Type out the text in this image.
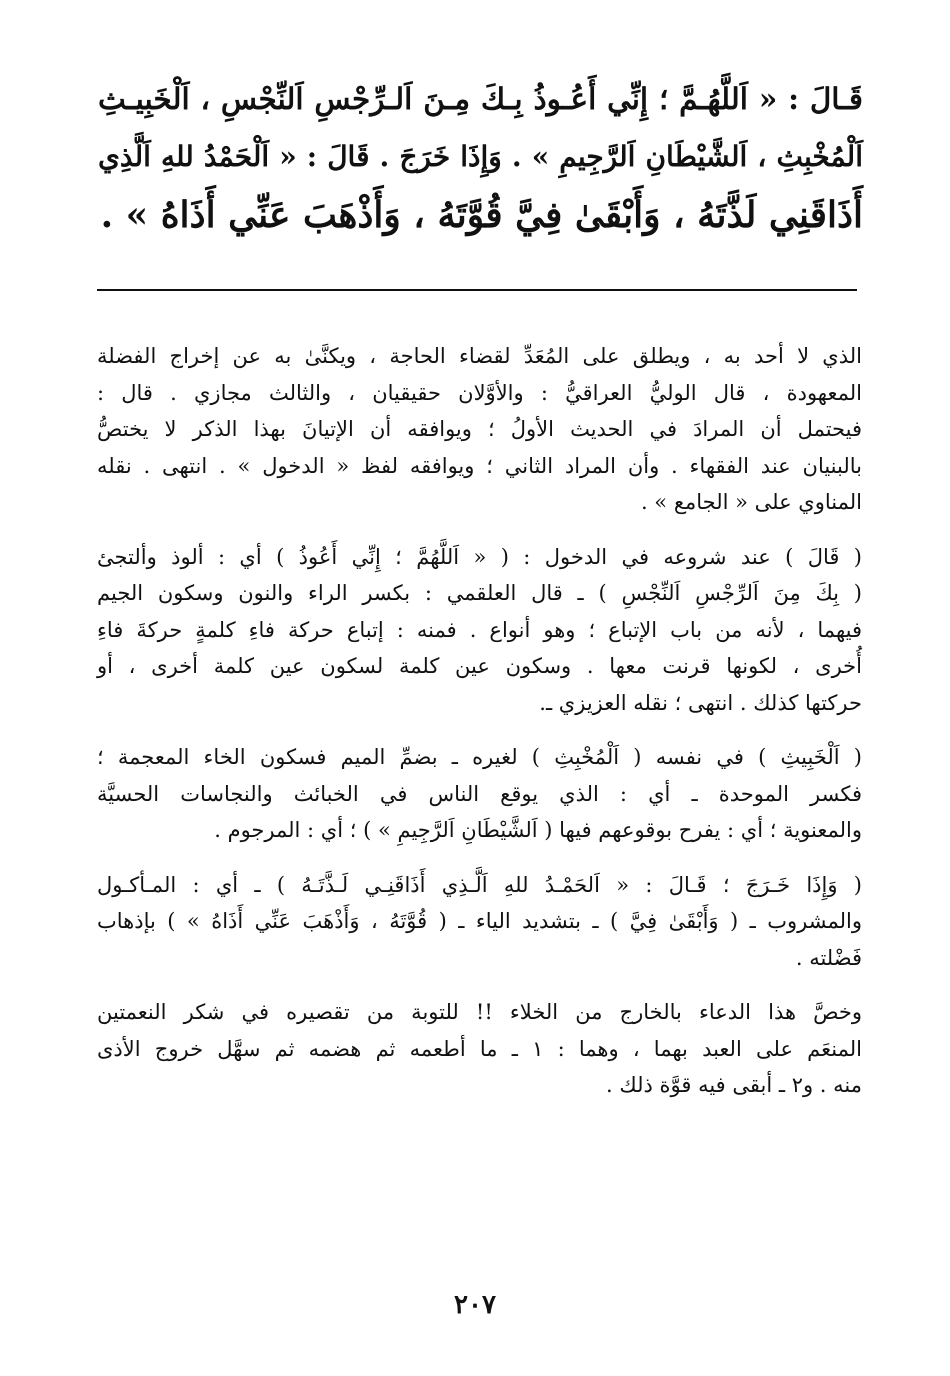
قَـالَ : « اَللَّهُـمَّ ؛ إِنِّي أَعُـوذُ بِـكَ مِـنَ اَلـرِّجْسِ اَلنِّجْسِ ، اَلْخَبِيـثِ
اَلْمُخْبِثِ ، اَلشَّيْطَانِ اَلرَّجِيمِ » . وَإِذَا خَرَجَ . قَالَ : « اَلْحَمْدُ للهِ اَلَّذِي
أَذَاقَنِي لَذَّتَهُ ، وَأَبْقَىٰ فِيَّ قُوَّتَهُ ، وَأَذْهَبَ عَنِّي أَذَاهُ » .
الذي لا أحد به ، ويطلق على المُعَدِّ لقضاء الحاجة ، ويكنَّىٰ به عن إخراج الفضلة
المعهودة ، قال الوليُّ العراقيُّ : والأوَّلان حقيقيان ، والثالث مجازي . قال :
فيحتمل أن المرادَ في الحديث الأولُ ؛ ويوافقه أن الإتيانَ بهذا الذكر لا يختصُّ
بالبنيان عند الفقهاء . وأن المراد الثاني ؛ ويوافقه لفظ « الدخول » . انتهى . نقله
المناوي على « الجامع » .
( قَالَ ) عند شروعه في الدخول : ( « اَللَّهُمَّ ؛ إِنِّي أَعُوذُ ) أي : ألوذ وألتجئ
( بِكَ مِنَ اَلرِّجْسِ اَلنِّجْسِ ) ـ قال العلقمي : بكسر الراء والنون وسكون الجيم
فيهما ، لأنه من باب الإتباع ؛ وهو أنواع . فمنه : إتباع حركة فاءِ كلمةٍ حركةَ فاءِ
أُخرى ، لكونها قرنت معها . وسكون عين كلمة لسكون عين كلمة أخرى ، أو
حركتها كذلك . انتهى ؛ نقله العزيزي ـ.
( اَلْخَبِيثِ ) في نفسه ( اَلْمُخْبِثِ ) لغيره ـ بضمِّ الميم فسكون الخاء المعجمة ؛
فكسر الموحدة ـ أي : الذي يوقع الناس في الخبائث والنجاسات الحسيَّة
والمعنوية ؛ أي : يفرح بوقوعهم فيها ( اَلشَّيْطَانِ اَلرَّجِيمِ » ) ؛ أي : المرجوم .
( وَإِذَا خَـرَجَ ؛ قَـالَ : « اَلحَمْـدُ للهِ اَلَّـذِي أَذَاقَنِـي لَـذَّتَـهُ ) ـ أي : المـأكـول
والمشروب ـ ( وَأَبْقَىٰ فِيَّ ) ـ بتشديد الياء ـ ( قُوَّتَهُ ، وَأَذْهَبَ عَنِّي أَذَاهُ » ) بإذهاب
فَضْلته .
وخصَّ هذا الدعاء بالخارج من الخلاء !! للتوبة من تقصيره في شكر النعمتين
المنعَم على العبد بهما ، وهما : ١ ـ ما أطعمه ثم هضمه ثم سهَّل خروج الأذى
منه . و٢ ـ أبقى فيه قوَّة ذلك .
٢٠٧
